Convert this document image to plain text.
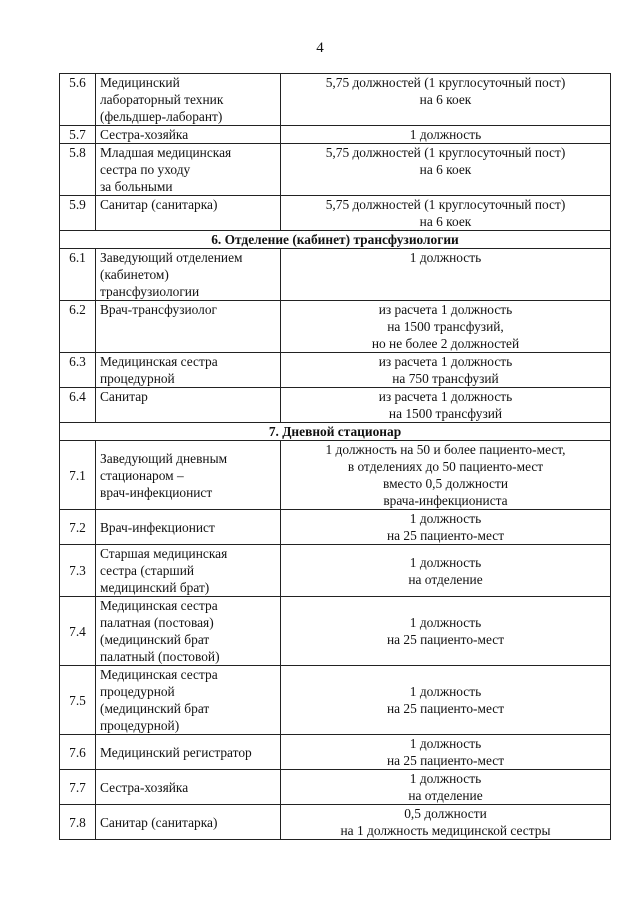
4
5.6	Медицинский
лабораторный техник
(фельдшер-лаборант)	5,75 должностей (1 круглосуточный пост)
на 6 коек

5.7	Сестра-хозяйка	1 должность

5.8	Младшая медицинская
сестра по уходу
за больными	5,75 должностей (1 круглосуточный пост)
на 6 коек

5.9	Санитар (санитарка)	5,75 должностей (1 круглосуточный пост)
на 6 коек

6. Отделение (кабинет) трансфузиологии		
6.1	Заведующий отделением
(кабинетом)
трансфузиологии	1 должность

6.2	Врач-трансфузиолог	из расчета 1 должность
на 1500 трансфузий,
но не более 2 должностей

6.3	Медицинская сестра
процедурной	из расчета 1 должность
на 750 трансфузий

6.4	Санитар	из расчета 1 должность
на 1500 трансфузий

7. Дневной стационар		
7.1	Заведующий дневным
стационаром –
врач-инфекционист	1 должность на 50 и более пациенто-мест,
в отделениях до 50 пациенто-мест
вместо 0,5 должности
врача-инфекциониста

7.2	Врач-инфекционист	1 должность
на 25 пациенто-мест

7.3	Старшая медицинская
сестра (старший
медицинский брат)	1 должность
на отделение

7.4	Медицинская сестра
палатная (постовая)
(медицинский брат
палатный (постовой)	1 должность
на 25 пациенто-мест

7.5	Медицинская сестра
процедурной
(медицинский брат
процедурной)	1 должность
на 25 пациенто-мест

7.6	Медицинский регистратор	1 должность
на 25 пациенто-мест

7.7	Сестра-хозяйка	1 должность
на отделение

7.8	Санитар (санитарка)	0,5 должности
на 1 должность медицинской сестры
